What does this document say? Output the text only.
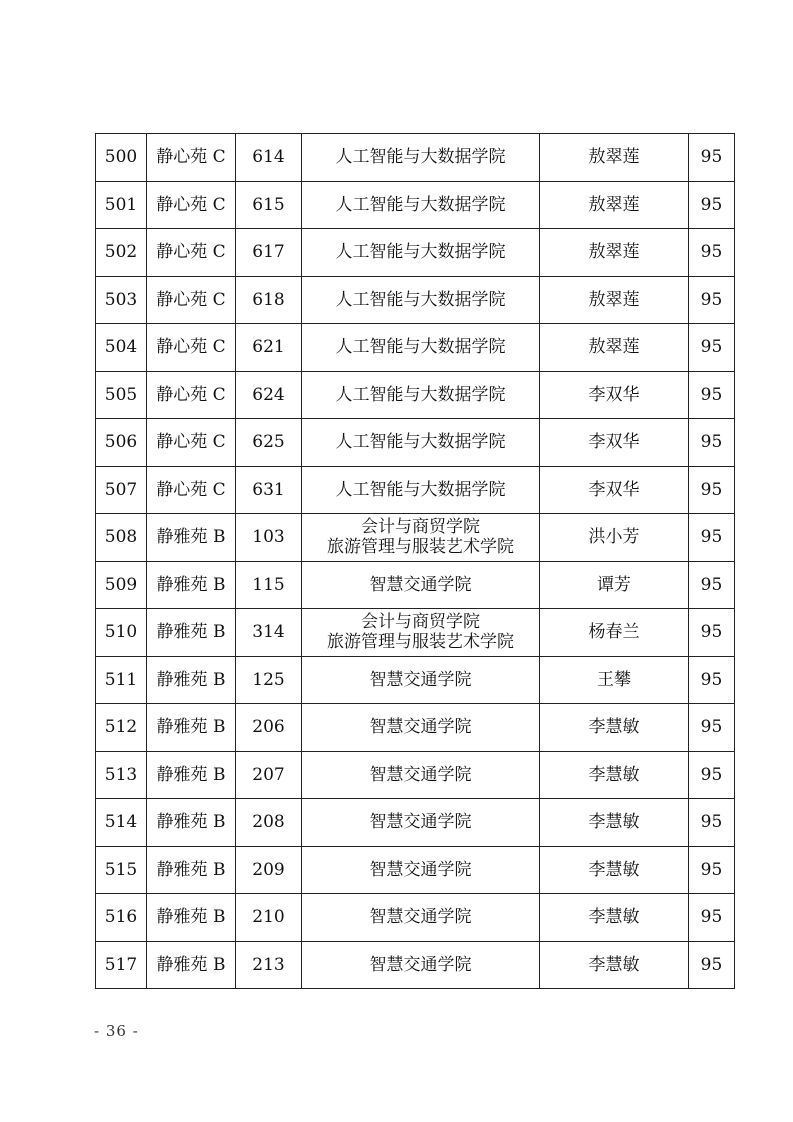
500	静心苑 C	614	人工智能与大数据学院	敖翠莲	95
501	静心苑 C	615	人工智能与大数据学院	敖翠莲	95
502	静心苑 C	617	人工智能与大数据学院	敖翠莲	95
503	静心苑 C	618	人工智能与大数据学院	敖翠莲	95
504	静心苑 C	621	人工智能与大数据学院	敖翠莲	95
505	静心苑 C	624	人工智能与大数据学院	李双华	95
506	静心苑 C	625	人工智能与大数据学院	李双华	95
507	静心苑 C	631	人工智能与大数据学院	李双华	95
508	静雅苑 B	103	会计与商贸学院
旅游管理与服装艺术学院	洪小芳	95
509	静雅苑 B	115	智慧交通学院	谭芳	95
510	静雅苑 B	314	会计与商贸学院
旅游管理与服装艺术学院	杨春兰	95
511	静雅苑 B	125	智慧交通学院	王攀	95
512	静雅苑 B	206	智慧交通学院	李慧敏	95
513	静雅苑 B	207	智慧交通学院	李慧敏	95
514	静雅苑 B	208	智慧交通学院	李慧敏	95
515	静雅苑 B	209	智慧交通学院	李慧敏	95
516	静雅苑 B	210	智慧交通学院	李慧敏	95
517	静雅苑 B	213	智慧交通学院	李慧敏	95
- 36 -
